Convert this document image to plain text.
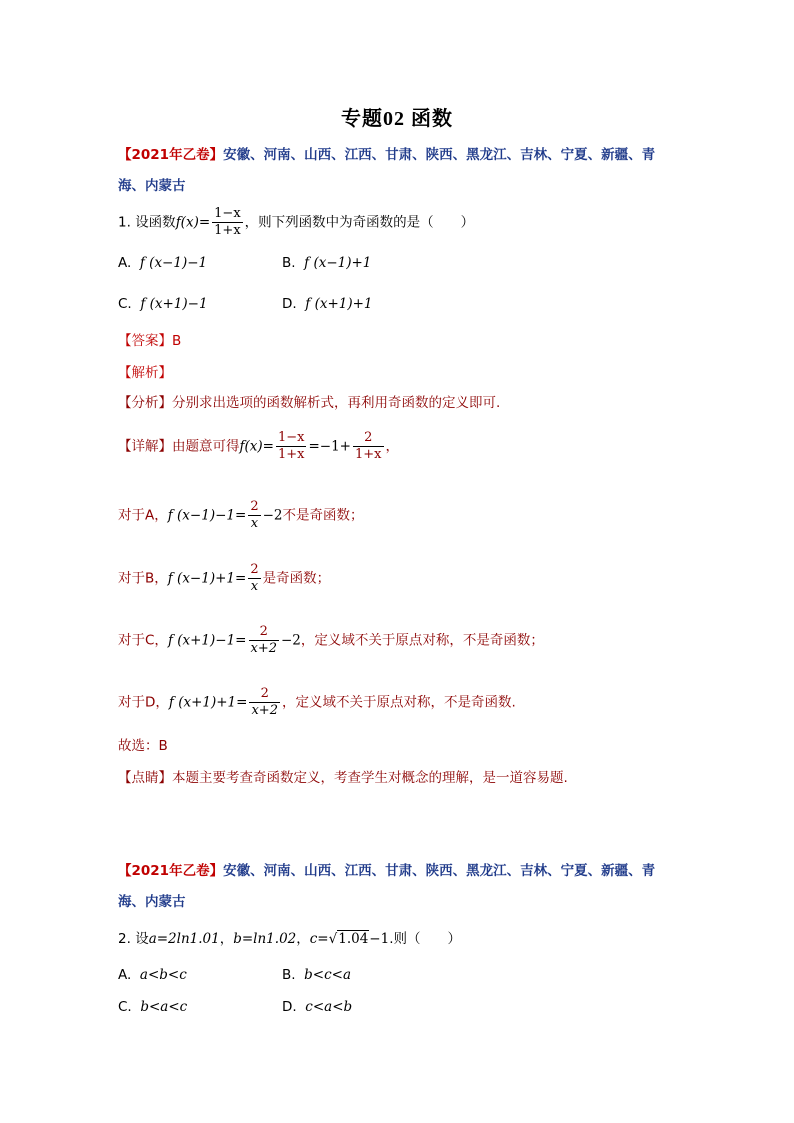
专题02 函数
【2021年乙卷】安徽、河南、山西、江西、甘肃、陕西、黑龙江、吉林、宁夏、新疆、青
海、内蒙古
1. 设函数$f(x)= \frac{1-x}{1+x}$ ，则下列函数中为奇函数的是（　　）
A. f (x−1)−1	B. f (x−1)+1
C. f (x+1)−1	D. f (x+1)+1
【答案】B
【解析】
【分析】分别求出选项的函数解析式，再利用奇函数的定义即可.
【详解】由题意可得$f(x)= \frac{1-x}{1+x} =-1+ \frac{2}{1+x}$ ，
对于A，f $(x-1)-1= \frac{2}{x} -2$不是奇函数；
对于B，f $(x-1)+1= \frac{2}{x}$ 是奇函数；
对于C，f $(x+1)-1= \frac{2}{x+2} -2$，定义域不关于原点对称，不是奇函数；
对于D，f $(x+1)+1= \frac{2}{x+2}$ ，定义域不关于原点对称，不是奇函数.
故选：B
【点睛】本题主要考查奇函数定义，考查学生对概念的理解，是一道容易题.
【2021年乙卷】安徽、河南、山西、江西、甘肃、陕西、黑龙江、吉林、宁夏、新疆、青
海、内蒙古
2. 设a=2ln1.01，b=ln1.02，c=√1.04−1.则（　　）
A. a<b<c	B. b<c<a
C. b<a<c	D. c<a<b
